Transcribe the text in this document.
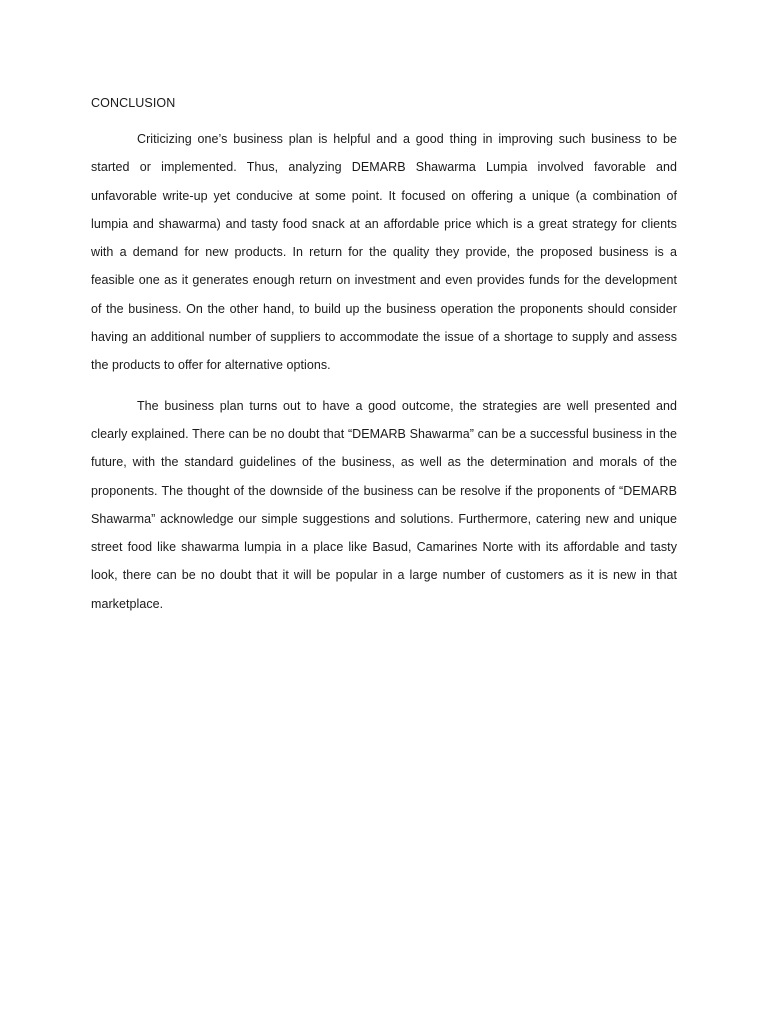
CONCLUSION

Criticizing one’s business plan is helpful and a good thing in improving such business to be started or implemented. Thus, analyzing DEMARB Shawarma Lumpia involved favorable and unfavorable write-up yet conducive at some point. It focused on offering a unique (a combination of lumpia and shawarma) and tasty food snack at an affordable price which is a great strategy for clients with a demand for new products. In return for the quality they provide, the proposed business is a feasible one as it generates enough return on investment and even provides funds for the development of the business. On the other hand, to build up the business operation the proponents should consider having an additional number of suppliers to accommodate the issue of a shortage to supply and assess the products to offer for alternative options.

The business plan turns out to have a good outcome, the strategies are well presented and clearly explained. There can be no doubt that “DEMARB Shawarma” can be a successful business in the future, with the standard guidelines of the business, as well as the determination and morals of the proponents. The thought of the downside of the business can be resolve if the proponents of “DEMARB Shawarma” acknowledge our simple suggestions and solutions. Furthermore, catering new and unique street food like shawarma lumpia in a place like Basud, Camarines Norte with its affordable and tasty look, there can be no doubt that it will be popular in a large number of customers as it is new in that marketplace.
